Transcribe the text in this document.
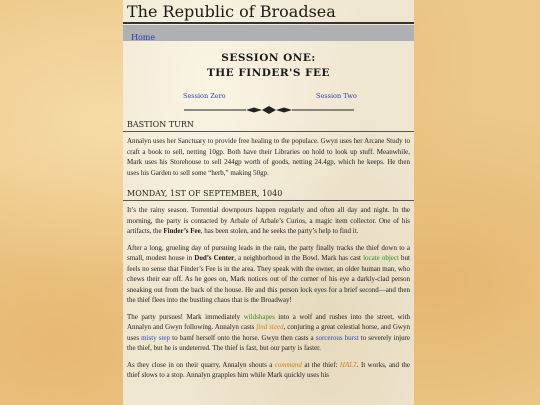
The Republic of Broadsea
Home
SESSION ONE:
THE FINDER'S FEE
Session Zero	Session Two
BASTION TURN

Annalyn uses her Sanctuary to provide free healing to the populace. Gwyn uses her Arcane Study to craft a book to sell, netting 10gp. Both have their Libraries on hold to look up stuff. Meanwhile, Mark uses his Storehouse to sell 244gp worth of goods, netting 24.4gp, which he keeps. He then uses his Garden to sell some “herb,” making 50gp.

MONDAY, 1ST OF SEPTEMBER, 1040

It’s the rainy season. Torrential downpours happen regularly and often all day and night. In the morning, the party is contacted by Arbale of Arbale’s Curios, a magic item collector. One of his artifacts, the Finder’s Fee, has been stolen, and he seeks the party’s help to find it.

After a long, grueling day of pursuing leads in the rain, the party finally tracks the thief down to a small, modest house in Dod’s Center, a neighborhood in the Bowl. Mark has cast locate object but feels no sense that Finder’s Fee is in the area. They speak with the owner, an older human man, who chews their ear off. As he goes on, Mark notices out of the corner of his eye a darkly-clad person sneaking out from the back of the house. He and this person lock eyes for a brief second—and then the thief flees into the bustling chaos that is the Broadway!

The party pursues! Mark immediately wildshapes into a wolf and rushes into the street, with Annalyn and Gwyn following. Annalyn casts find steed, conjuring a great celestial horse, and Gwyn uses misty step to bamf herself onto the horse. Gwyn then casts a sorcerous burst to severely injure the thief, but he is undeterred. The thief is fast, but our party is faster.

As they close in on their quarry, Annalyn shouts a command at the thief: HALT. It works, and the thief slows to a stop. Annalyn grapples him while Mark quickly uses his
